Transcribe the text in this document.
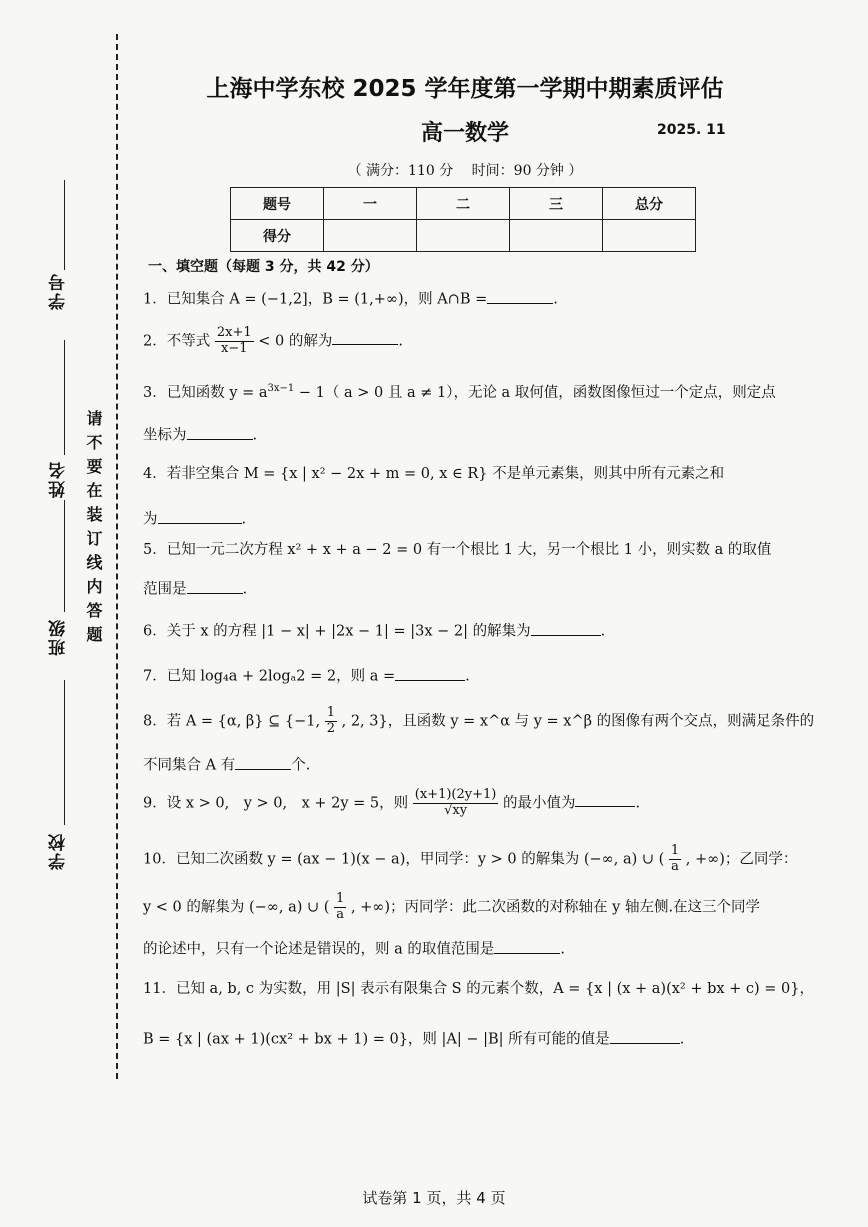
学号
姓名
班级
学校
请不要在装订线内答题
上海中学东校 2025 学年度第一学期中期素质评估
高一数学	2025. 11
（ 满分：110 分　 时间：90 分钟 ）
题号	一	二	三	总分
得分				
一、填空题（每题 3 分，共 42 分）
1．已知集合 A = (−1,2]，B = (1,+∞)，则 A∩B =	.
2．不等式 $\frac{2x+1}{x-1} < 0$ 的解为	.
3．已知函数 $y = a^{3x-1} - 1$（ a > 0 且 a ≠ 1），无论 a 取何值，函数图像恒过一个定点，则定点
坐标为	.
4．若非空集合 M = {x | x² − 2x + m = 0, x ∈ R} 不是单元素集，则其中所有元素之和
为	.
5．已知一元二次方程 x² + x + a − 2 = 0 有一个根比 1 大，另一个根比 1 小，则实数 a 的取值
范围是	.
6．关于 x 的方程 |1 − x| + |2x − 1| = |3x − 2| 的解集为	.
7．已知 log₄a + 2logₐ2 = 2，则 a =	.
8．若 A = {α, β} ⊆ {−1, $\frac{1}{2}$ , 2, 3}，且函数 y = x^α 与 y = x^β 的图像有两个交点，则满足条件的
不同集合 A 有	个.
9．设 x > 0,　y > 0,　x + 2y = 5，则 $\frac{(x+1)(2y+1)}{√xy}$ 的最小值为	.
10．已知二次函数 y = (ax − 1)(x − a)，甲同学：y > 0 的解集为 (−∞, a) ∪ ( $\frac{1}{a}$ , +∞)；乙同学：
y < 0 的解集为 (−∞, a) ∪ ( $\frac{1}{a}$ , +∞)；丙同学：此二次函数的对称轴在 y 轴左侧.在这三个同学
的论述中，只有一个论述是错误的，则 a 的取值范围是	.
11．已知 a, b, c 为实数，用 |S| 表示有限集合 S 的元素个数，A = {x | (x + a)(x² + bx + c) = 0}，
B = {x | (ax + 1)(cx² + bx + 1) = 0}，则 |A| − |B| 所有可能的值是	.
试卷第 1 页，共 4 页
